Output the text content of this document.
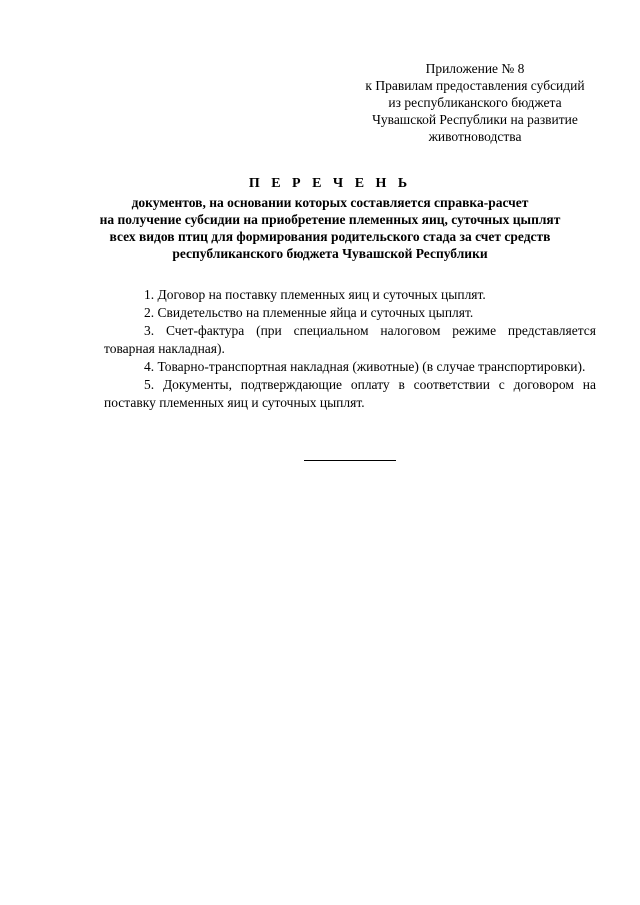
Приложение № 8
к Правилам предоставления субсидий
из республиканского бюджета
Чувашской Республики на развитие
животноводства
П Е Р Е Ч Е Н Ь
документов, на основании которых составляется справка-расчет
на получение субсидии на приобретение племенных яиц, суточных цыплят
всех видов птиц для формирования родительского стада за счет средств
республиканского бюджета Чувашской Республики

1. Договор на поставку племенных яиц и суточных цыплят.

2. Свидетельство на племенные яйца и суточных цыплят.

3. Счет-фактура (при специальном налоговом режиме представляется товарная накладная).

4. Товарно-транспортная накладная (животные) (в случае транспортировки).

5. Документы, подтверждающие оплату в соответствии с договором на поставку племенных яиц и суточных цыплят.
